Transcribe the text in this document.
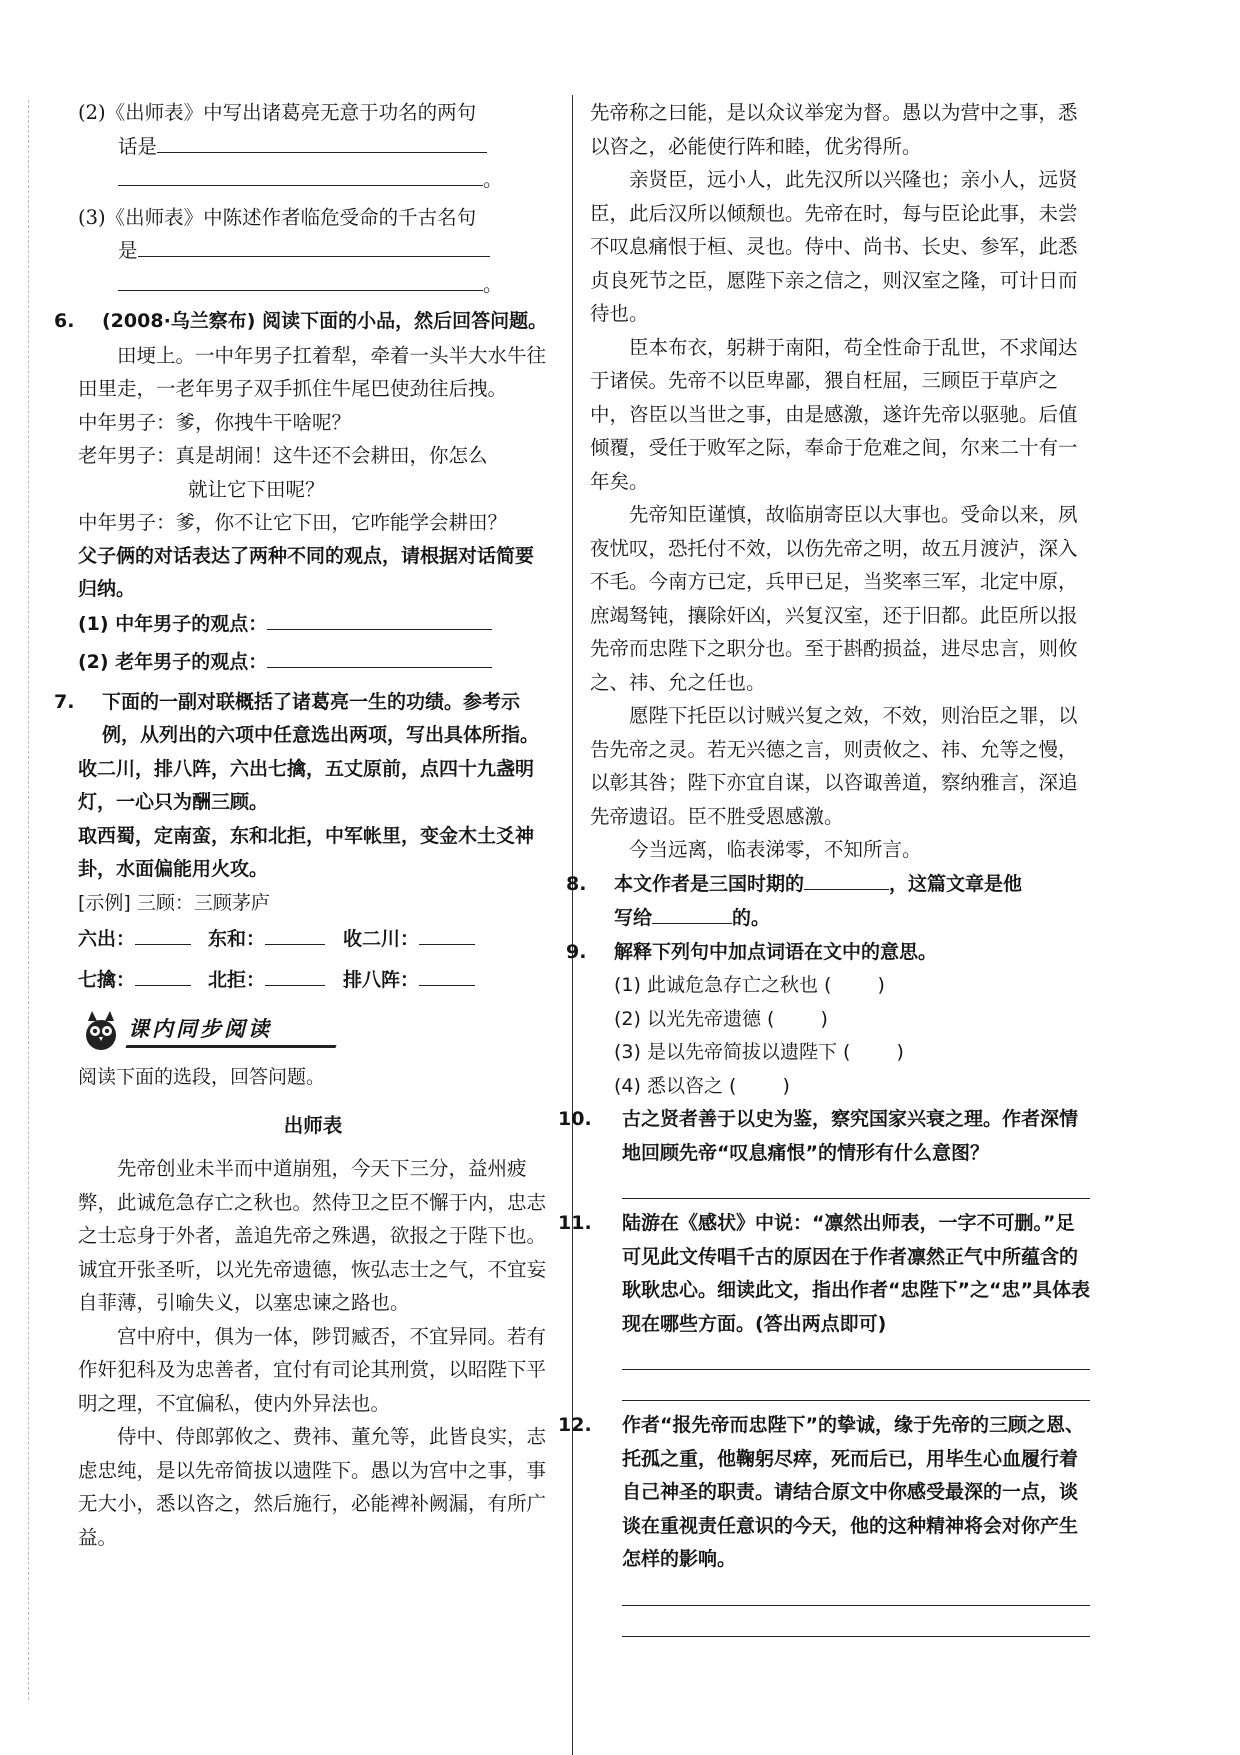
(2)《出师表》中写出诸葛亮无意于功名的两句

话是

。

(3)《出师表》中陈述作者临危受命的千古名句

是

。

6. (2008·乌兰察布) 阅读下面的小品，然后回答问题。

田埂上。一中年男子扛着犁，牵着一头半大水牛往田里走，一老年男子双手抓住牛尾巴使劲往后拽。

中年男子：爹，你拽牛干啥呢？

老年男子：真是胡闹！这牛还不会耕田，你怎么

就让它下田呢？

中年男子：爹，你不让它下田，它咋能学会耕田？

父子俩的对话表达了两种不同的观点，请根据对话简要归纳。

(1) 中年男子的观点：

(2) 老年男子的观点：

7. 下面的一副对联概括了诸葛亮一生的功绩。参考示例，从列出的六项中任意选出两项，写出具体所指。

收二川，排八阵，六出七擒，五丈原前，点四十九盏明灯，一心只为酬三顾。

取西蜀，定南蛮，东和北拒，中军帐里，变金木土爻神卦，水面偏能用火攻。

[示例] 三顾：三顾茅庐

六出：	东和：	收二川：
七擒：	北拒：	排八阵：
课内同步阅读

阅读下面的选段，回答问题。

出师表

先帝创业未半而中道崩殂，今天下三分，益州疲弊，此诚危急存亡之秋也。然侍卫之臣不懈于内，忠志之士忘身于外者，盖追先帝之殊遇，欲报之于陛下也。诚宜开张圣听，以光先帝遗德，恢弘志士之气，不宜妄自菲薄，引喻失义，以塞忠谏之路也。

宫中府中，俱为一体，陟罚臧否，不宜异同。若有作奸犯科及为忠善者，宜付有司论其刑赏，以昭陛下平明之理，不宜偏私，使内外异法也。

侍中、侍郎郭攸之、费祎、董允等，此皆良实，志虑忠纯，是以先帝简拔以遗陛下。愚以为宫中之事，事无大小，悉以咨之，然后施行，必能裨补阙漏，有所广益。

先帝称之曰能，是以众议举宠为督。愚以为营中之事，悉以咨之，必能使行阵和睦，优劣得所。

亲贤臣，远小人，此先汉所以兴隆也；亲小人，远贤臣，此后汉所以倾颓也。先帝在时，每与臣论此事，未尝不叹息痛恨于桓、灵也。侍中、尚书、长史、参军，此悉贞良死节之臣，愿陛下亲之信之，则汉室之隆，可计日而待也。

臣本布衣，躬耕于南阳，苟全性命于乱世，不求闻达于诸侯。先帝不以臣卑鄙，猥自枉屈，三顾臣于草庐之中，咨臣以当世之事，由是感激，遂许先帝以驱驰。后值倾覆，受任于败军之际，奉命于危难之间，尔来二十有一年矣。

先帝知臣谨慎，故临崩寄臣以大事也。受命以来，夙夜忧叹，恐托付不效，以伤先帝之明，故五月渡泸，深入不毛。今南方已定，兵甲已足，当奖率三军，北定中原，庶竭驽钝，攘除奸凶，兴复汉室，还于旧都。此臣所以报先帝而忠陛下之职分也。至于斟酌损益，进尽忠言，则攸之、祎、允之任也。

愿陛下托臣以讨贼兴复之效，不效，则治臣之罪，以告先帝之灵。若无兴德之言，则责攸之、祎、允等之慢，以彰其咎；陛下亦宜自谋，以咨诹善道，察纳雅言，深追先帝遗诏。臣不胜受恩感激。

今当远离，临表涕零，不知所言。

8. 本文作者是三国时期的	，这篇文章是他

写给	的。

9. 解释下列句中加点词语在文中的意思。

(1) 此诚危急存亡之秋也 ( )

(2) 以光先帝遗德 ( )

(3) 是以先帝简拔以遗陛下 ( )

(4) 悉以咨之 ( )

10. 古之贤者善于以史为鉴，察究国家兴衰之理。作者深情地回顾先帝“叹息痛恨”的情形有什么意图？

11. 陆游在《感状》中说：“凛然出师表，一字不可删。”足可见此文传唱千古的原因在于作者凛然正气中所蕴含的耿耿忠心。细读此文，指出作者“忠陛下”之“忠”具体表现在哪些方面。(答出两点即可)

12. 作者“报先帝而忠陛下”的挚诚，缘于先帝的三顾之恩、托孤之重，他鞠躬尽瘁，死而后已，用毕生心血履行着自己神圣的职责。请结合原文中你感受最深的一点，谈谈在重视责任意识的今天，他的这种精神将会对你产生怎样的影响。
